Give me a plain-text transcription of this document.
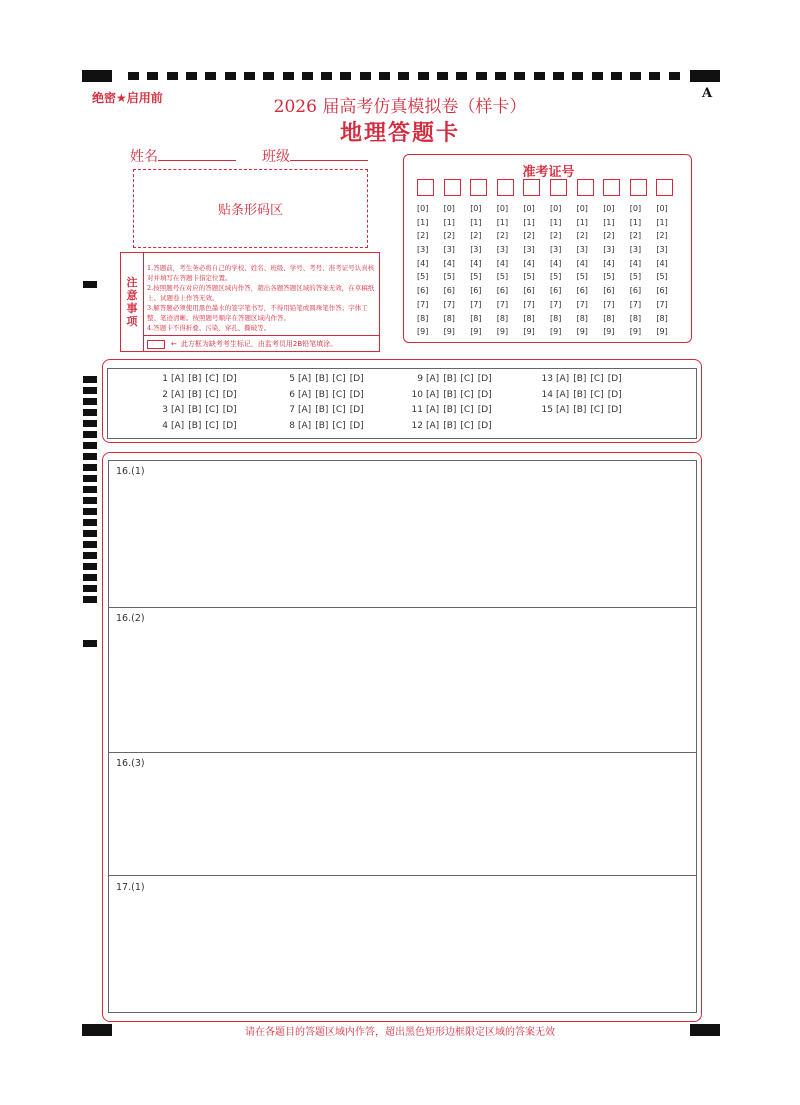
绝密★启用前	2026 届高考仿真模拟卷（样卡）
地理答题卡
A
姓名	班级
贴条形码区
注
意
事
项
1.答题前，考生务必将自己的学校、姓名、班级、学号、考号、准考证号认真核对并填写在答题卡指定位置。
2.按照题号在对应的答题区域内作答，超出各题答题区域的答案无效，在草稿纸上、试题卷上作答无效。
3.解答题必须使用黑色墨水的签字笔书写，不得用铅笔或圆珠笔作答；字体工整、笔迹清晰。按照题号顺序在答题区域内作答。
4.答题卡不得折叠、污染、穿孔、撕破等。
← 此方框为缺考考生标记，由监考员用2B铅笔填涂。
准考证号
[0]
[1]
[2]
[3]
[4]
[5]
[6]
[7]
[8]
[9]
[0]
[1]
[2]
[3]
[4]
[5]
[6]
[7]
[8]
[9]
[0]
[1]
[2]
[3]
[4]
[5]
[6]
[7]
[8]
[9]
[0]
[1]
[2]
[3]
[4]
[5]
[6]
[7]
[8]
[9]
[0]
[1]
[2]
[3]
[4]
[5]
[6]
[7]
[8]
[9]
[0]
[1]
[2]
[3]
[4]
[5]
[6]
[7]
[8]
[9]
[0]
[1]
[2]
[3]
[4]
[5]
[6]
[7]
[8]
[9]
[0]
[1]
[2]
[3]
[4]
[5]
[6]
[7]
[8]
[9]
[0]
[1]
[2]
[3]
[4]
[5]
[6]
[7]
[8]
[9]
[0]
[1]
[2]
[3]
[4]
[5]
[6]
[7]
[8]
[9]
1 [A] [B] [C] [D]
2 [A] [B] [C] [D]
3 [A] [B] [C] [D]
4 [A] [B] [C] [D]
5 [A] [B] [C] [D]
6 [A] [B] [C] [D]
7 [A] [B] [C] [D]
8 [A] [B] [C] [D]
9 [A] [B] [C] [D]
10 [A] [B] [C] [D]
11 [A] [B] [C] [D]
12 [A] [B] [C] [D]
13 [A] [B] [C] [D]
14 [A] [B] [C] [D]
15 [A] [B] [C] [D]
16.(1)
16.(2)
16.(3)
17.(1)
请在各题目的答题区域内作答，超出黑色矩形边框限定区域的答案无效
